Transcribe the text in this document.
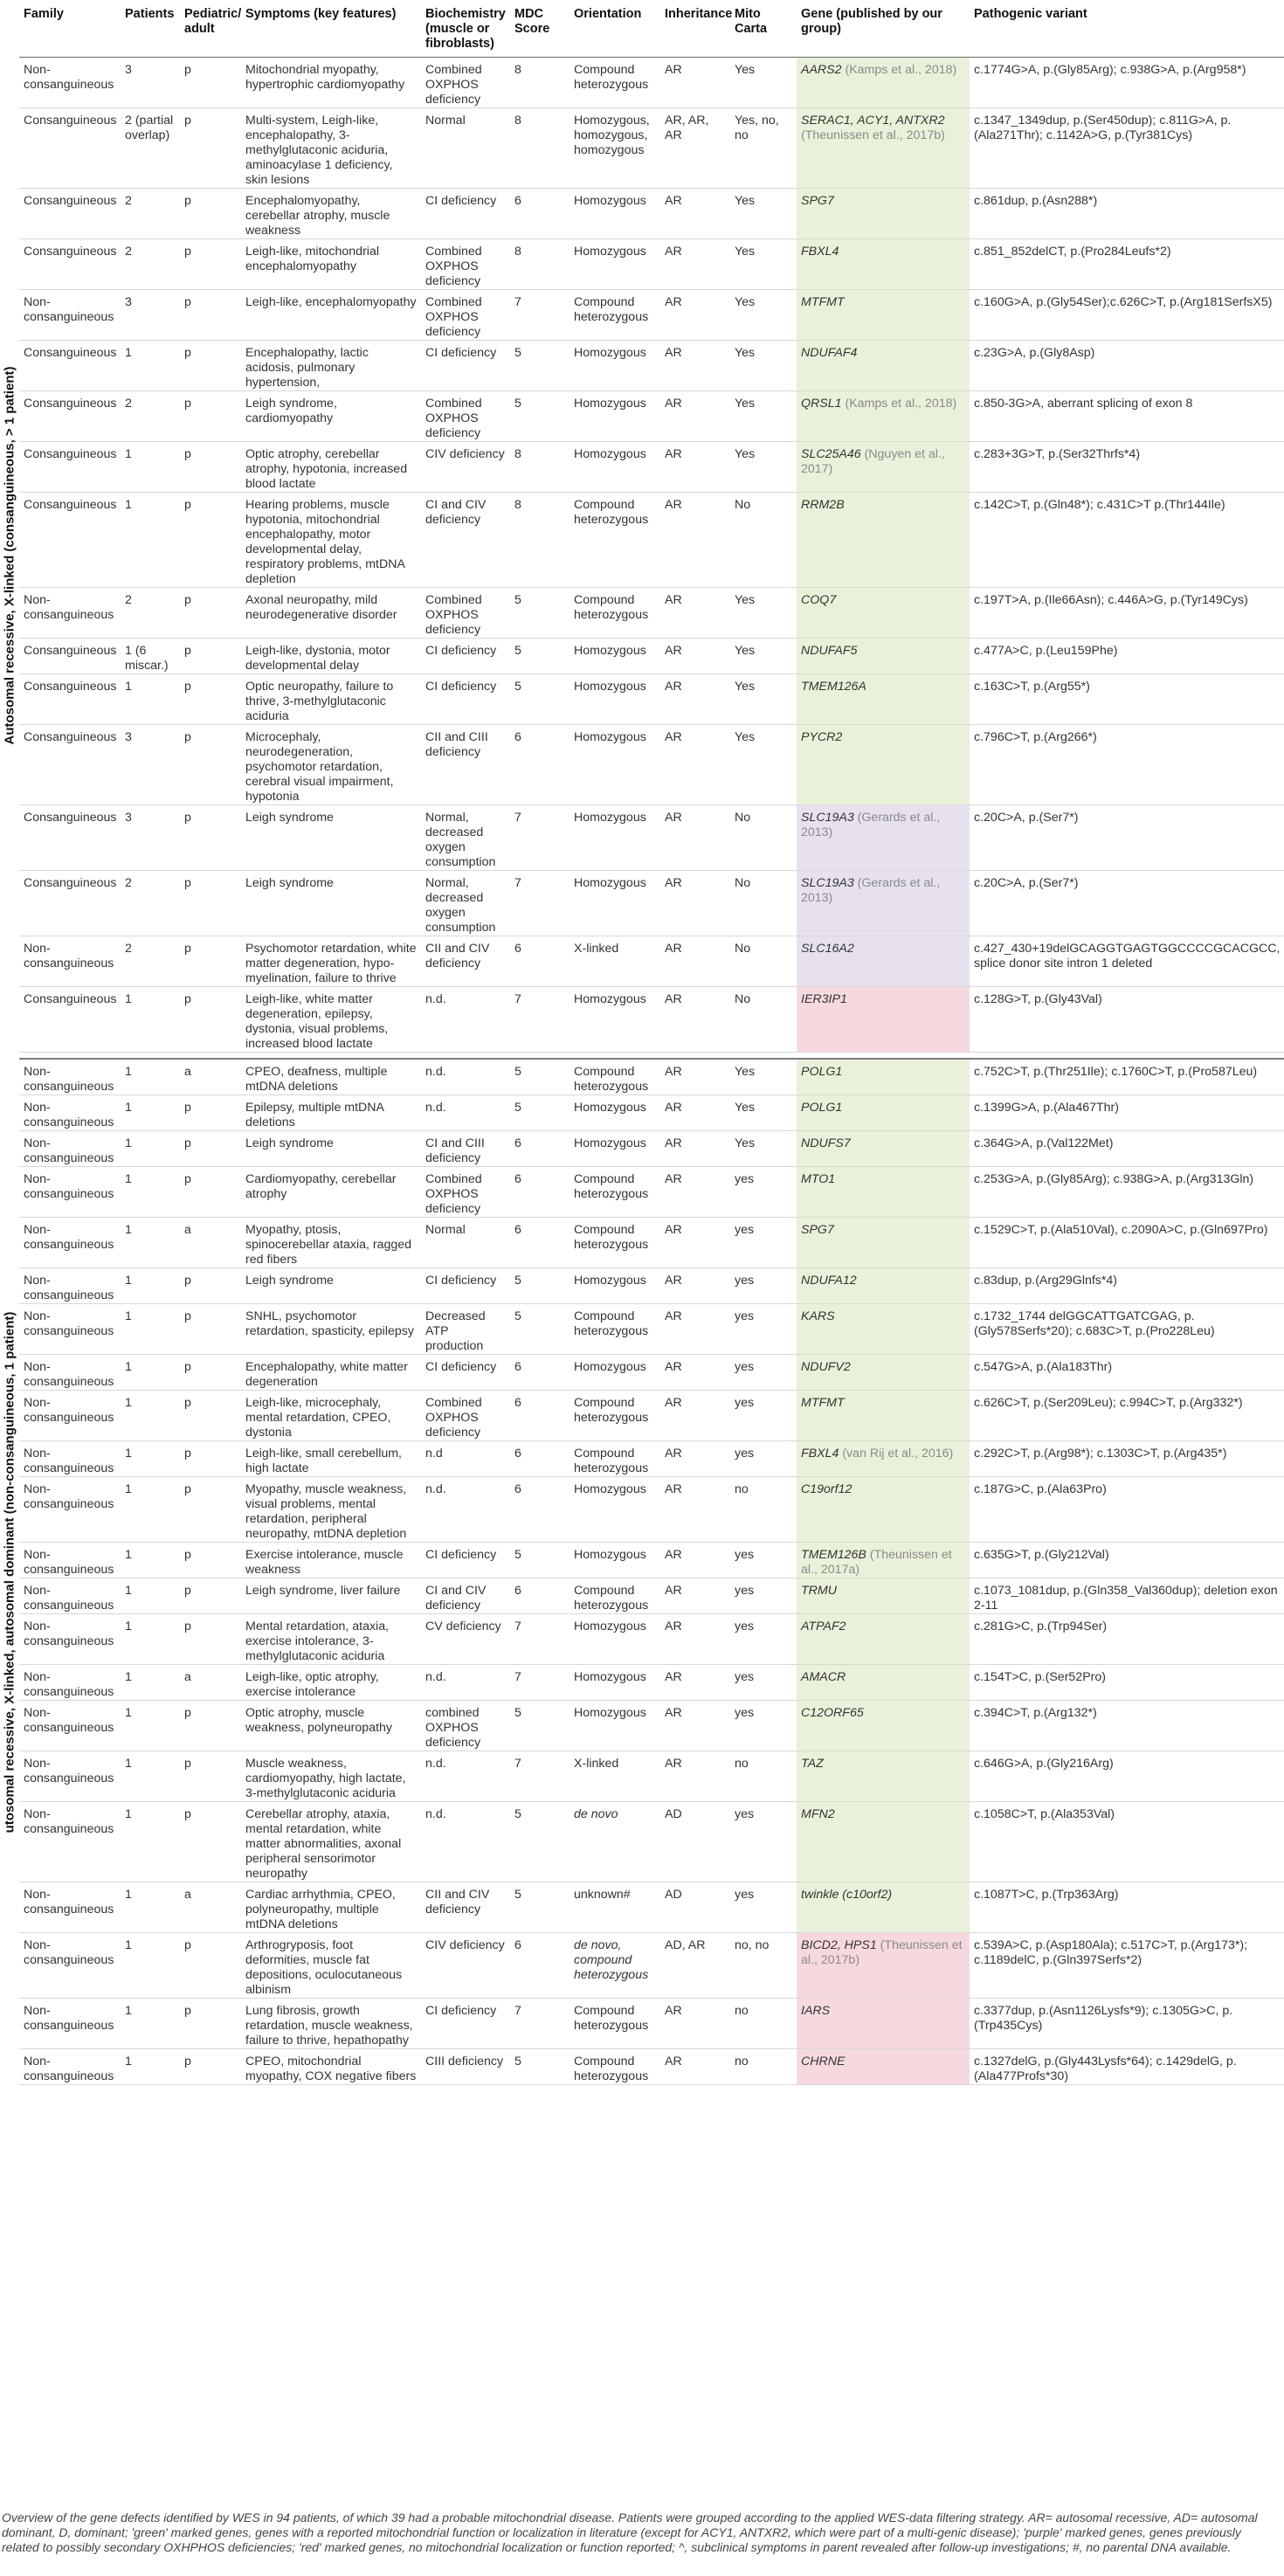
Autosomal recessive, X-linked (consanguineous, > 1 patient)
utosomal recessive, X-linked, autosomal dominant (non-consanguineous, 1 patient)
Family	Patients	Pediatric/ adult	Symptoms (key features)	Biochemistry (muscle or fibroblasts)	MDC Score	Orientation	Inheritance	Mito Carta	Gene (published by our group)	Pathogenic variant
Non-consanguineous	3	p	Mitochondrial myopathy, hypertrophic cardiomyopathy	Combined OXPHOS deficiency	8	Compound heterozygous	AR	Yes	AARS2 (Kamps et al., 2018)	c.1774G>A, p.(Gly85Arg); c.938G>A, p.(Arg958*)
Consanguineous	2 (partial overlap)	p	Multi-system, Leigh-like, encephalopathy, 3-methylglutaconic aciduria, aminoacylase 1 deficiency, skin lesions	Normal	8	Homozygous, homozygous, homozygous	AR, AR, AR	Yes, no, no	SERAC1, ACY1, ANTXR2 (Theunissen et al., 2017b)	c.1347_1349dup, p.(Ser450dup); c.811G>A, p.(Ala271Thr); c.1142A>G, p.(Tyr381Cys)
Consanguineous	2	p	Encephalomyopathy, cerebellar atrophy, muscle weakness	CI deficiency	6	Homozygous	AR	Yes	SPG7	c.861dup, p.(Asn288*)
Consanguineous	2	p	Leigh-like, mitochondrial encephalomyopathy	Combined OXPHOS deficiency	8	Homozygous	AR	Yes	FBXL4	c.851_852delCT, p.(Pro284Leufs*2)
Non-consanguineous	3	p	Leigh-like, encephalomyopathy	Combined OXPHOS deficiency	7	Compound heterozygous	AR	Yes	MTFMT	c.160G>A, p.(Gly54Ser);c.626C>T, p.(Arg181SerfsX5)
Consanguineous	1	p	Encephalopathy, lactic acidosis, pulmonary hypertension,	CI deficiency	5	Homozygous	AR	Yes	NDUFAF4	c.23G>A, p.(Gly8Asp)
Consanguineous	2	p	Leigh syndrome, cardiomyopathy	Combined OXPHOS deficiency	5	Homozygous	AR	Yes	QRSL1 (Kamps et al., 2018)	c.850-3G>A, aberrant splicing of exon 8
Consanguineous	1	p	Optic atrophy, cerebellar atrophy, hypotonia, increased blood lactate	CIV deficiency	8	Homozygous	AR	Yes	SLC25A46 (Nguyen et al., 2017)	c.283+3G>T, p.(Ser32Thrfs*4)
Consanguineous	1	p	Hearing problems, muscle hypotonia, mitochondrial encephalopathy, motor developmental delay, respiratory problems, mtDNA depletion	CI and CIV deficiency	8	Compound heterozygous	AR	No	RRM2B	c.142C>T, p.(Gln48*); c.431C>T p.(Thr144Ile)
Non-consanguineous	2	p	Axonal neuropathy, mild neurodegenerative disorder	Combined OXPHOS deficiency	5	Compound heterozygous	AR	Yes	COQ7	c.197T>A, p.(Ile66Asn); c.446A>G, p.(Tyr149Cys)
Consanguineous	1 (6 miscar.)	p	Leigh-like, dystonia, motor developmental delay	CI deficiency	5	Homozygous	AR	Yes	NDUFAF5	c.477A>C, p.(Leu159Phe)
Consanguineous	1	p	Optic neuropathy, failure to thrive, 3-methylglutaconic aciduria	CI deficiency	5	Homozygous	AR	Yes	TMEM126A	c.163C>T, p.(Arg55*)
Consanguineous	3	p	Microcephaly, neurodegeneration, psychomotor retardation, cerebral visual impairment, hypotonia	CII and CIII deficiency	6	Homozygous	AR	Yes	PYCR2	c.796C>T, p.(Arg266*)
Consanguineous	3	p	Leigh syndrome	Normal, decreased oxygen consumption	7	Homozygous	AR	No	SLC19A3 (Gerards et al., 2013)	c.20C>A, p.(Ser7*)
Consanguineous	2	p	Leigh syndrome	Normal, decreased oxygen consumption	7	Homozygous	AR	No	SLC19A3 (Gerards et al., 2013)	c.20C>A, p.(Ser7*)
Non-consanguineous	2	p	Psychomotor retardation, white matter degeneration, hypo-myelination, failure to thrive	CII and CIV deficiency	6	X-linked	AR	No	SLC16A2	c.427_430+19delGCAGGTGAGTGGCCCCGCACGCC, splice donor site intron 1 deleted
Consanguineous	1	p	Leigh-like, white matter degeneration, epilepsy, dystonia, visual problems, increased blood lactate	n.d.	7	Homozygous	AR	No	IER3IP1	c.128G>T, p.(Gly43Val)

Non-consanguineous	1	a	CPEO, deafness, multiple mtDNA deletions	n.d.	5	Compound heterozygous	AR	Yes	POLG1	c.752C>T, p.(Thr251Ile); c.1760C>T, p.(Pro587Leu)
Non-consanguineous	1	p	Epilepsy, multiple mtDNA deletions	n.d.	5	Homozygous	AR	Yes	POLG1	c.1399G>A, p.(Ala467Thr)
Non-consanguineous	1	p	Leigh syndrome	CI and CIII deficiency	6	Homozygous	AR	Yes	NDUFS7	c.364G>A, p.(Val122Met)
Non-consanguineous	1	p	Cardiomyopathy, cerebellar atrophy	Combined OXPHOS deficiency	6	Compound heterozygous	AR	yes	MTO1	c.253G>A, p.(Gly85Arg); c.938G>A, p.(Arg313Gln)
Non-consanguineous	1	a	Myopathy, ptosis, spinocerebellar ataxia, ragged red fibers	Normal	6	Compound heterozygous	AR	yes	SPG7	c.1529C>T, p.(Ala510Val), c.2090A>C, p.(Gln697Pro)
Non-consanguineous	1	p	Leigh syndrome	CI deficiency	5	Homozygous	AR	yes	NDUFA12	c.83dup, p.(Arg29Glnfs*4)
Non-consanguineous	1	p	SNHL, psychomotor retardation, spasticity, epilepsy	Decreased ATP production	5	Compound heterozygous	AR	yes	KARS	c.1732_1744 delGGCATTGATCGAG, p.(Gly578Serfs*20); c.683C>T, p.(Pro228Leu)
Non-consanguineous	1	p	Encephalopathy, white matter degeneration	CI deficiency	6	Homozygous	AR	yes	NDUFV2	c.547G>A, p.(Ala183Thr)
Non-consanguineous	1	p	Leigh-like, microcephaly, mental retardation, CPEO, dystonia	Combined OXPHOS deficiency	6	Compound heterozygous	AR	yes	MTFMT	c.626C>T, p.(Ser209Leu); c.994C>T, p.(Arg332*)
Non-consanguineous	1	p	Leigh-like, small cerebellum, high lactate	n.d	6	Compound heterozygous	AR	yes	FBXL4 (van Rij et al., 2016)	c.292C>T, p.(Arg98*); c.1303C>T, p.(Arg435*)
Non-consanguineous	1	p	Myopathy, muscle weakness, visual problems, mental retardation, peripheral neuropathy, mtDNA depletion	n.d.	6	Homozygous	AR	no	C19orf12	c.187G>C, p.(Ala63Pro)
Non-consanguineous	1	p	Exercise intolerance, muscle weakness	CI deficiency	5	Homozygous	AR	yes	TMEM126B (Theunissen et al., 2017a)	c.635G>T, p.(Gly212Val)
Non-consanguineous	1	p	Leigh syndrome, liver failure	CI and CIV deficiency	6	Compound heterozygous	AR	yes	TRMU	c.1073_1081dup, p.(Gln358_Val360dup); deletion exon 2-11
Non-consanguineous	1	p	Mental retardation, ataxia, exercise intolerance, 3-methylglutaconic aciduria	CV deficiency	7	Homozygous	AR	yes	ATPAF2	c.281G>C, p.(Trp94Ser)
Non-consanguineous	1	a	Leigh-like, optic atrophy, exercise intolerance	n.d.	7	Homozygous	AR	yes	AMACR	c.154T>C, p.(Ser52Pro)
Non-consanguineous	1	p	Optic atrophy, muscle weakness, polyneuropathy	combined OXPHOS deficiency	5	Homozygous	AR	yes	C12ORF65	c.394C>T, p.(Arg132*)
Non-consanguineous	1	p	Muscle weakness, cardiomyopathy, high lactate, 3-methylglutaconic aciduria	n.d.	7	X-linked	AR	no	TAZ	c.646G>A, p.(Gly216Arg)
Non-consanguineous	1	p	Cerebellar atrophy, ataxia, mental retardation, white matter abnormalities, axonal peripheral sensorimotor neuropathy	n.d.	5	de novo	AD	yes	MFN2	c.1058C>T, p.(Ala353Val)
Non-consanguineous	1	a	Cardiac arrhythmia, CPEO, polyneuropathy, multiple mtDNA deletions	CII and CIV deficiency	5	unknown#	AD	yes	twinkle (c10orf2)	c.1087T>C, p.(Trp363Arg)
Non-consanguineous	1	p	Arthrogryposis, foot deformities, muscle fat depositions, oculocutaneous albinism	CIV deficiency	6	de novo, compound heterozygous	AD, AR	no, no	BICD2, HPS1 (Theunissen et al., 2017b)	c.539A>C, p.(Asp180Ala); c.517C>T, p.(Arg173*); c.1189delC, p.(Gln397Serfs*2)
Non-consanguineous	1	p	Lung fibrosis, growth retardation, muscle weakness, failure to thrive, hepathopathy	CI deficiency	7	Compound heterozygous	AR	no	IARS	c.3377dup, p.(Asn1126Lysfs*9); c.1305G>C, p.(Trp435Cys)
Non-consanguineous	1	p	CPEO, mitochondrial myopathy, COX negative fibers	CIII deficiency	5	Compound heterozygous	AR	no	CHRNE	c.1327delG, p.(Gly443Lysfs*64); c.1429delG, p.(Ala477Profs*30)
Overview of the gene defects identified by WES in 94 patients, of which 39 had a probable mitochondrial disease. Patients were grouped according to the applied WES-data filtering strategy. AR= autosomal recessive, AD= autosomal dominant, D, dominant; 'green' marked genes, genes with a reported mitochondrial function or localization in literature (except for ACY1, ANTXR2, which were part of a multi-genic disease); 'purple' marked genes, genes previously related to possibly secondary OXHPHOS deficiencies; 'red' marked genes, no mitochondrial localization or function reported; ^, subclinical symptoms in parent revealed after follow-up investigations; #, no parental DNA available.
